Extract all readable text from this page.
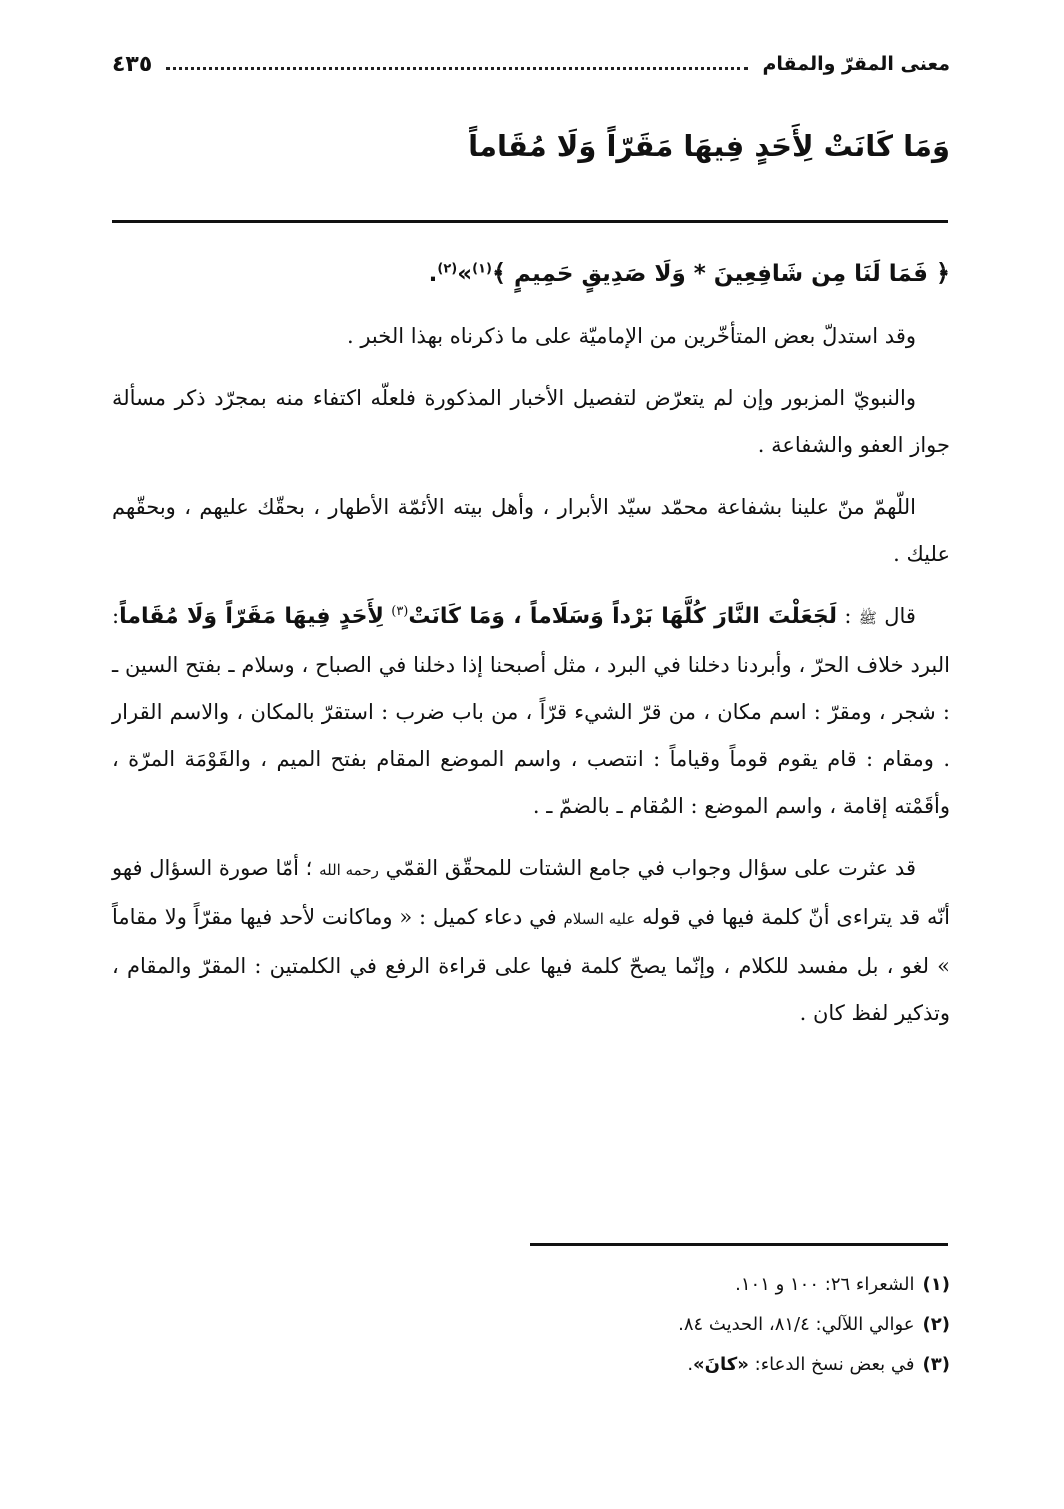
معنى المقرّ والمقام
٤٣٥
وَمَا كَانَتْ لِأَحَدٍ فِيهَا مَقَرّاً وَلَا مُقَاماً

﴿ فَمَا لَنَا مِن شَافِعِينَ * وَلَا صَدِيقٍ حَمِيمٍ ﴾$^{(١)}$»$^{(٢)}$.

وقد استدلّ بعض المتأخّرين من الإماميّة على ما ذكرناه بهذا الخبر .

والنبويّ المزبور وإن لم يتعرّض لتفصيل الأخبار المذكورة فلعلّه اكتفاء منه بمجرّد ذكر مسألة جواز العفو والشفاعة .

اللّهمّ منّ علينا بشفاعة محمّد سيّد الأبرار ، وأهل بيته الأئمّة الأطهار ، بحقّك عليهم ، وبحقّهم عليك .

قال ﷺ : لَجَعَلْتَ النَّارَ كُلَّهَا بَرْداً وَسَلَاماً ، وَمَا كَانَتْ$^{(٣)}$ لِأَحَدٍ فِيهَا مَقَرّاً وَلَا مُقَاماً: البرد خلاف الحرّ ، وأبردنا دخلنا في البرد ، مثل أصبحنا إذا دخلنا في الصباح ، وسلام ـ بفتح السين ـ : شجر ، ومقرّ : اسم مكان ، من قرّ الشيء قرّاً ، من باب ضرب : استقرّ بالمكان ، والاسم القرار . ومقام : قام يقوم قوماً وقياماً : انتصب ، واسم الموضع المقام بفتح الميم ، والقَوْمَة المرّة ، وأقَمْته إقامة ، واسم الموضع : المُقام ـ بالضمّ ـ .

قد عثرت على سؤال وجواب في جامع الشتات للمحقّق القمّي رحمه الله ؛ أمّا صورة السؤال فهو أنّه قد يتراءى أنّ كلمة فيها في قوله عليه السلام في دعاء كميل : « وماكانت لأحد فيها مقرّاً ولا مقاماً » لغو ، بل مفسد للكلام ، وإنّما يصحّ كلمة فيها على قراءة الرفع في الكلمتين : المقرّ والمقام ، وتذكير لفظ كان .

(١)الشعراء ٢٦: ١٠٠ و ١٠١.

(٢)عوالي اللآلي: ٨١/٤، الحديث ٨٤.

(٣)في بعض نسخ الدعاء: «كانَ».
